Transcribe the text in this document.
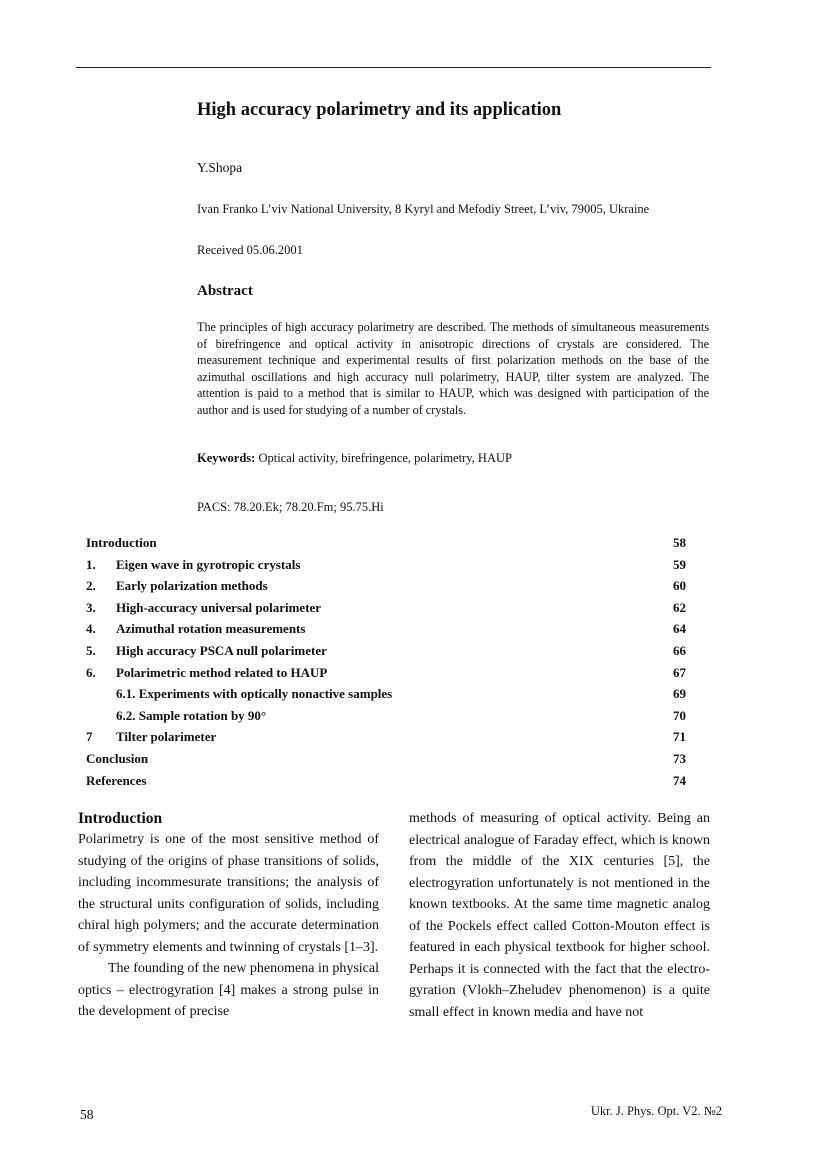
High accuracy polarimetry and its application
Y.Shopa
Ivan Franko L’viv National University, 8 Kyryl and Mefodiy Street, L’viv, 79005, Ukraine
Received 05.06.2001
Abstract

The principles of high accuracy polarimetry are described. The methods of simultaneous measurements of birefringence and optical activity in anisotropic directions of crystals are considered. The measurement technique and experimental results of first polarization methods on the base of the azimuthal oscillations and high accuracy null polarimetry, HAUP, tilter system are analyzed. The attention is paid to a method that is similar to HAUP, which was designed with participation of the author and is used for studying of a number of crystals.

Keywords: Optical activity, birefringence, polarimetry, HAUP
PACS: 78.20.Ek; 78.20.Fm; 95.75.Hi
Introduction	58
1. Eigen wave in gyrotropic crystals	59
2. Early polarization methods	60
3. High-accuracy universal polarimeter	62
4. Azimuthal rotation measurements	64
5. High accuracy PSCA null polarimeter	66
6. Polarimetric method related to HAUP	67
6.1. Experiments with optically nonactive samples	69
6.2. Sample rotation by 90°	70
7 Tilter polarimeter	71
Conclusion	73
References	74
Introduction

Polarimetry is one of the most sensitive method of studying of the origins of phase transitions of solids, including incommesurate transitions; the analysis of the structural units configuration of solids, including chiral high polymers; and the accurate determination of symmetry elements and twinning of crystals [1–3].

The founding of the new phenomena in physical optics – electrogyration [4] makes a strong pulse in the development of precise

methods of measuring of optical activity. Being an electrical analogue of Faraday effect, which is known from the middle of the XIX centuries [5], the electrogyration unfortunately is not mentioned in the known textbooks. At the same time magnetic analog of the Pockels effect called Cotton-Mouton effect is featured in each physical textbook for higher school. Perhaps it is connected with the fact that the electro-gyration (Vlokh–Zheludev phenomenon) is a quite small effect in known media and have not

58	Ukr. J. Phys. Opt. V2. №2
